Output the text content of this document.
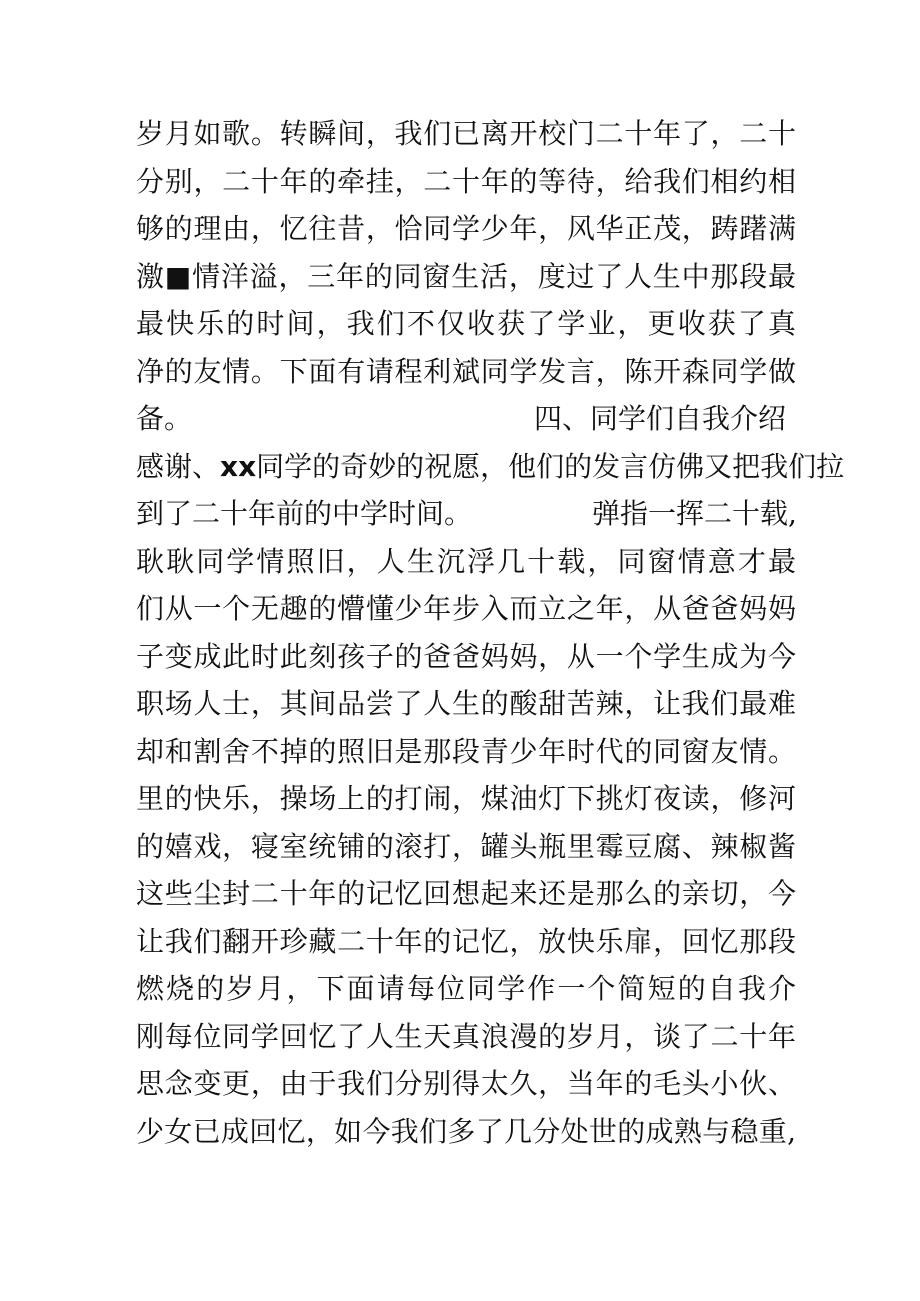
岁月如歌。转瞬间，我们已离开校门二十年了，二十
分别，二十年的牵挂，二十年的等待，给我们相约相
够的理由，忆往昔，恰同学少年，风华正茂，踌躇满
激■情洋溢，三年的同窗生活，度过了人生中那段最
最快乐的时间，我们不仅收获了学业，更收获了真
净的友情。下面有请程利斌同学发言，陈开森同学做
备。	四、同学们自我介绍
感谢、xx同学的奇妙的祝愿，他们的发言仿佛又把我们拉
到了二十年前的中学时间。	弹指一挥二十载,
耿耿同学情照旧，人生沉浮几十载，同窗情意才最
们从一个无趣的懵懂少年步入而立之年，从爸爸妈妈
子变成此时此刻孩子的爸爸妈妈，从一个学生成为今
职场人士，其间品尝了人生的酸甜苦辣，让我们最难
却和割舍不掉的照旧是那段青少年时代的同窗友情。
里的快乐，操场上的打闹，煤油灯下挑灯夜读，修河
的嬉戏，寝室统铺的滚打，罐头瓶里霉豆腐、辣椒酱
这些尘封二十年的记忆回想起来还是那么的亲切，今
让我们翻开珍藏二十年的记忆，放快乐扉，回忆那段
燃烧的岁月，下面请每位同学作一个简短的自我介
刚每位同学回忆了人生天真浪漫的岁月，谈了二十年
思念变更，由于我们分别得太久，当年的毛头小伙、
少女已成回忆，如今我们多了几分处世的成熟与稳重,
